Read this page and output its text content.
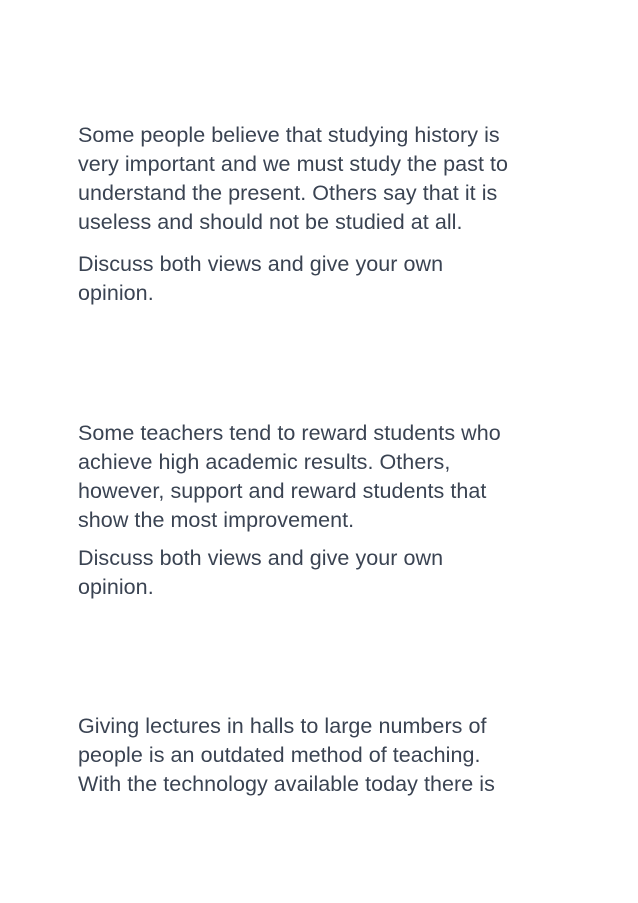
Some people believe that studying history is
very important and we must study the past to
understand the present. Others say that it is
useless and should not be studied at all.

Discuss both views and give your own
opinion.

Some teachers tend to reward students who
achieve high academic results. Others,
however, support and reward students that
show the most improvement.

Discuss both views and give your own
opinion.

Giving lectures in halls to large numbers of
people is an outdated method of teaching.
With the technology available today there is
